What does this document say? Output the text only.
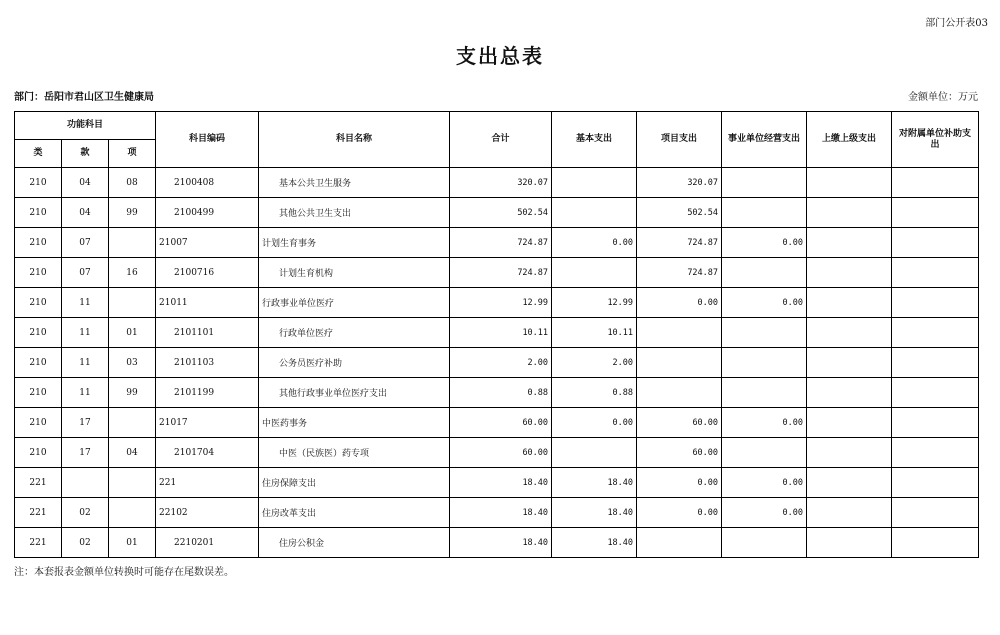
部门公开表03
支出总表
部门：岳阳市君山区卫生健康局	金额单位：万元
功能科目			科目编码	科目名称	合计	基本支出	项目支出	事业单位经营支出	上缴上级支出	对附属单位补助支出
类	款	项								
210	04	08	2100408	基本公共卫生服务	320.07		320.07			
210	04	99	2100499	其他公共卫生支出	502.54		502.54			
210	07		21007	计划生育事务	724.87	0.00	724.87	0.00		
210	07	16	2100716	计划生育机构	724.87		724.87			
210	11		21011	行政事业单位医疗	12.99	12.99	0.00	0.00		
210	11	01	2101101	行政单位医疗	10.11	10.11				
210	11	03	2101103	公务员医疗补助	2.00	2.00				
210	11	99	2101199	其他行政事业单位医疗支出	0.88	0.88				
210	17		21017	中医药事务	60.00	0.00	60.00	0.00		
210	17	04	2101704	中医（民族医）药专项	60.00		60.00			
221			221	住房保障支出	18.40	18.40	0.00	0.00		
221	02		22102	住房改革支出	18.40	18.40	0.00	0.00		
221	02	01	2210201	住房公积金	18.40	18.40				
注：本套报表金额单位转换时可能存在尾数误差。
